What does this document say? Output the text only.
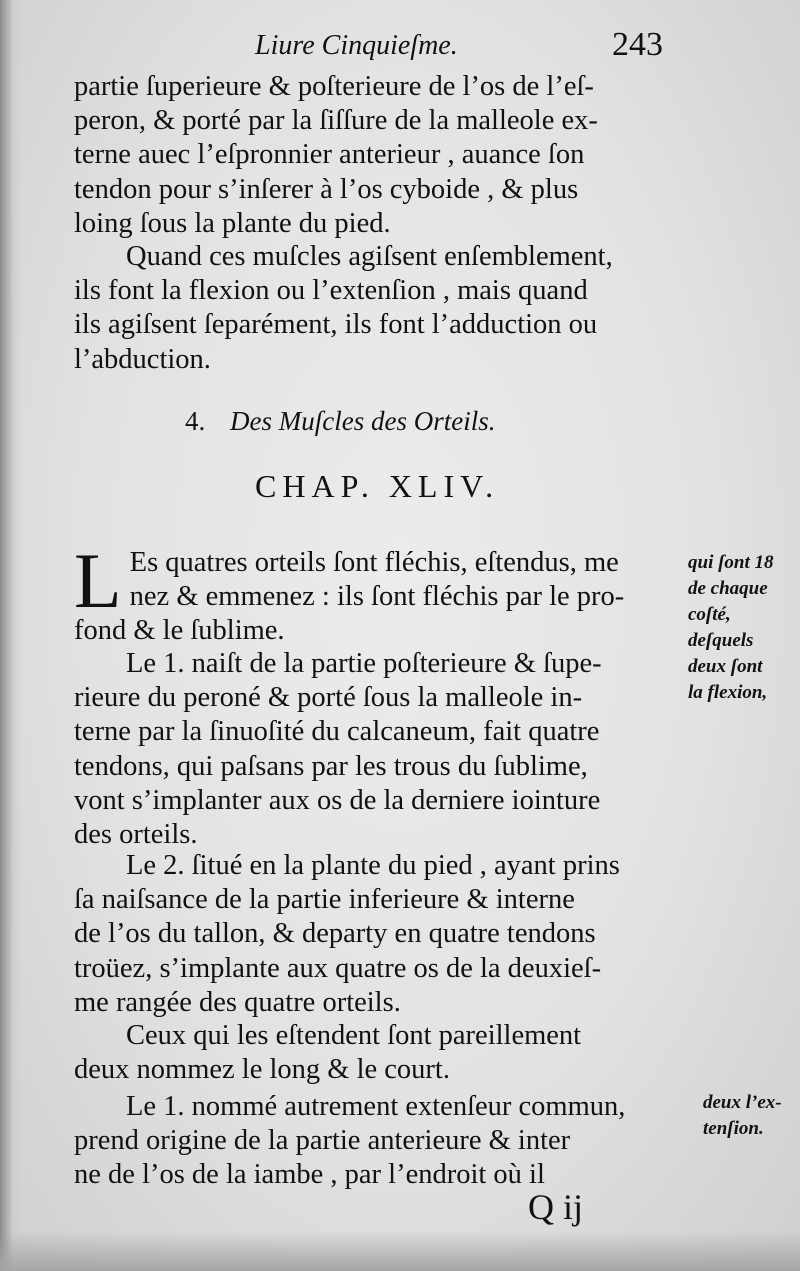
Liure Cinquieſme.	243
partie ſuperieure & poſterieure de l’os de l’eſ-
peron, & porté par la ſiſſure de la malleole ex-
terne auec l’eſpronnier anterieur , auance ſon
tendon pour s’inſerer à l’os cyboide , & plus
loing ſous la plante du pied.
Quand ces muſcles agiſsent enſemblement,
ils font la flexion ou l’extenſion , mais quand
ils agiſsent ſeparément, ils font l’adduction ou
l’abduction.
4. Des Muſcles des Orteils.
CHAP. XLIV.
L Es quatres orteils ſont fléchis, eſtendus, me
nez & emmenez : ils ſont fléchis par le pro-
fond & le ſublime.
Le 1. naiſt de la partie poſterieure & ſupe-
rieure du peroné & porté ſous la malleole in-
terne par la ſinuoſité du calcaneum, fait quatre
tendons, qui paſsans par les trous du ſublime,
vont s’implanter aux os de la derniere iointure
des orteils.
Le 2. ſitué en la plante du pied , ayant prins
ſa naiſsance de la partie inferieure & interne
de l’os du tallon, & departy en quatre tendons
troüez, s’implante aux quatre os de la deuxieſ-
me rangée des quatre orteils.
Ceux qui les eſtendent ſont pareillement
deux nommez le long & le court.
Le 1. nommé autrement extenſeur commun,
prend origine de la partie anterieure & inter
ne de l’os de la iambe , par l’endroit où il
qui ſont 18
de chaque
coſté,
deſquels
deux ſont
la flexion,
deux l’ex-
tenſion.
Q ij
